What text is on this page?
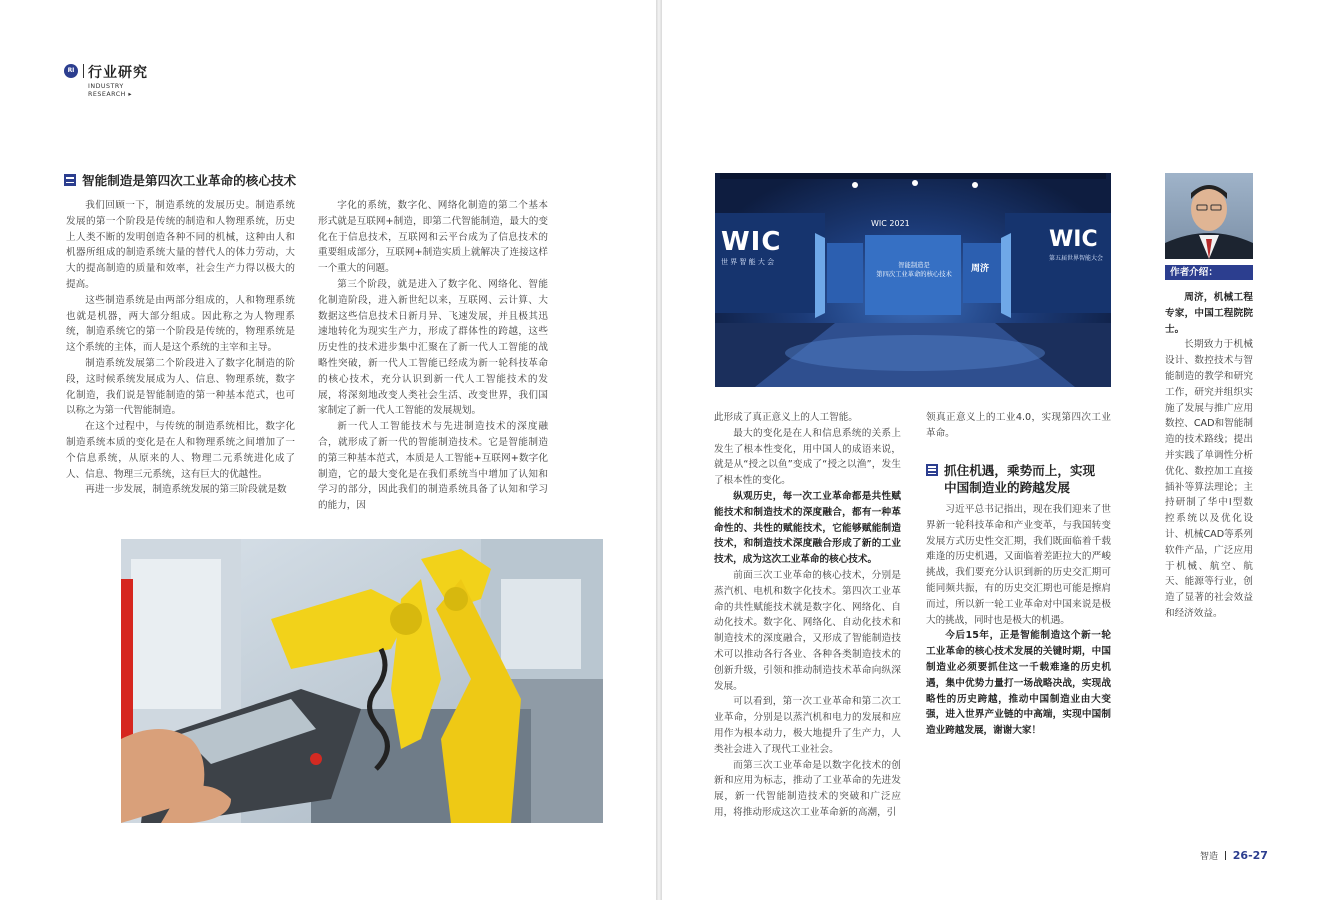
RI 行业研究
INDUSTRY
RESEARCH ▸
智能制造是第四次工业革命的核心技术

我们回顾一下，制造系统的发展历史。制造系统发展的第一个阶段是传统的制造和人物理系统，历史上人类不断的发明创造各种不同的机械，这种由人和机器所组成的制造系统大量的替代人的体力劳动，大大的提高制造的质量和效率，社会生产力得以极大的提高。

这些制造系统是由两部分组成的，人和物理系统也就是机器，两大部分组成。因此称之为人物理系统，制造系统它的第一个阶段是传统的，物理系统是这个系统的主体，而人是这个系统的主宰和主导。

制造系统发展第二个阶段进入了数字化制造的阶段，这时候系统发展成为人、信息、物理系统，数字化制造，我们说是智能制造的第一种基本范式，也可以称之为第一代智能制造。

在这个过程中，与传统的制造系统相比，数字化制造系统本质的变化是在人和物理系统之间增加了一个信息系统，从原来的人、物理二元系统进化成了人、信息、物理三元系统，这有巨大的优越性。

再进一步发展，制造系统发展的第三阶段就是数

字化的系统，数字化、网络化制造的第二个基本形式就是互联网+制造，即第二代智能制造，最大的变化在于信息技术，互联网和云平台成为了信息技术的重要组成部分，互联网+制造实质上就解决了连接这样一个重大的问题。

第三个阶段，就是进入了数字化、网络化、智能化制造阶段，进入新世纪以来，互联网、云计算、大数据这些信息技术日新月异、飞速发展，并且极其迅速地转化为现实生产力，形成了群体性的跨越，这些历史性的技术进步集中汇聚在了新一代人工智能的战略性突破，新一代人工智能已经成为新一轮科技革命的核心技术，充分认识到新一代人工智能技术的发展，将深刻地改变人类社会生活、改变世界，我们国家制定了新一代人工智能的发展规划。

新一代人工智能技术与先进制造技术的深度融合，就形成了新一代的智能制造技术。它是智能制造的第三种基本范式，本质是人工智能+互联网+数字化制造，它的最大变化是在我们系统当中增加了认知和学习的部分，因此我们的制造系统具备了认知和学习的能力，因

WIC
世 界 智 能 大 会
WIC 2021
智能制造是
第四次工业革命的核心技术
周济
WIC
第五届世界智能大会
作者介绍：

周济，机械工程专家，中国工程院院士。

长期致力于机械设计、数控技术与智能制造的教学和研究工作，研究并组织实施了发展与推广应用数控、CAD和智能制造的技术路线；提出并实践了单调性分析优化、数控加工直接插补等算法理论；主持研制了华中Ⅰ型数控系统以及优化设计、机械CAD等系列软件产品，广泛应用于机械、航空、航天、能源等行业，创造了显著的社会效益和经济效益。

此形成了真正意义上的人工智能。

最大的变化是在人和信息系统的关系上发生了根本性变化，用中国人的成语来说，就是从“授之以鱼”变成了“授之以渔”，发生了根本性的变化。

纵观历史，每一次工业革命都是共性赋能技术和制造技术的深度融合，都有一种革命性的、共性的赋能技术，它能够赋能制造技术，和制造技术深度融合形成了新的工业技术，成为这次工业革命的核心技术。

前面三次工业革命的核心技术，分别是蒸汽机、电机和数字化技术。第四次工业革命的共性赋能技术就是数字化、网络化、自动化技术。数字化、网络化、自动化技术和制造技术的深度融合，又形成了智能制造技术可以推动各行各业、各种各类制造技术的创新升级，引领和推动制造技术革命向纵深发展。

可以看到，第一次工业革命和第二次工业革命，分别是以蒸汽机和电力的发展和应用作为根本动力，极大地提升了生产力，人类社会进入了现代工业社会。

而第三次工业革命是以数字化技术的创新和应用为标志，推动了工业革命的先进发展，新一代智能制造技术的突破和广泛应用，将推动形成这次工业革命新的高潮，引

领真正意义上的工业4.0，实现第四次工业革命。

抓住机遇，乘势而上，实现
中国制造业的跨越发展

习近平总书记指出，现在我们迎来了世界新一轮科技革命和产业变革，与我国转变发展方式历史性交汇期，我们既面临着千载难逢的历史机遇，又面临着差距拉大的严峻挑战，我们要充分认识到新的历史交汇期可能同频共振，有的历史交汇期也可能是擦肩而过，所以新一轮工业革命对中国来说是极大的挑战，同时也是极大的机遇。

今后15年，正是智能制造这个新一轮工业革命的核心技术发展的关键时期，中国制造业必须要抓住这一千载难逢的历史机遇，集中优势力量打一场战略决战，实现战略性的历史跨越，推动中国制造业由大变强，进入世界产业链的中高端，实现中国制造业跨越发展，谢谢大家！

智造 26-27
